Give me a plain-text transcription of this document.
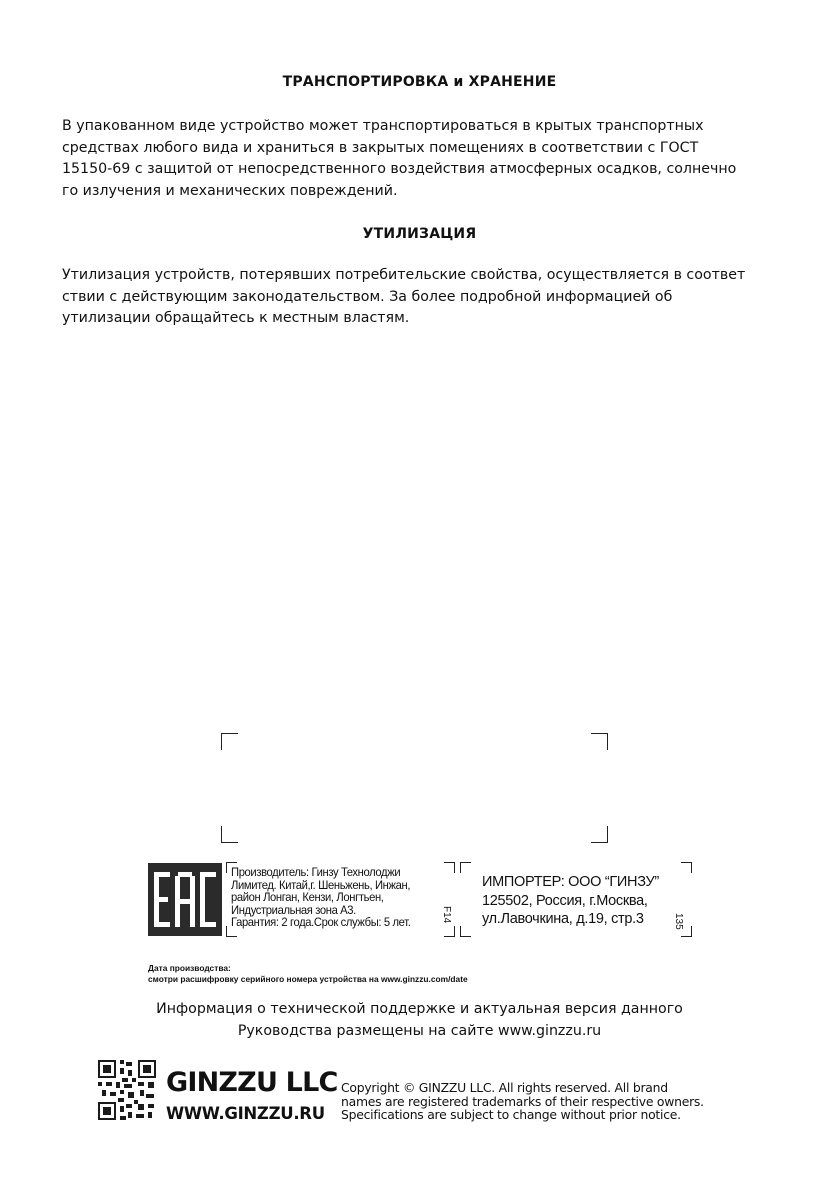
ТРАНСПОРТИРОВКА и ХРАНЕНИЕ
В упакованном виде устройство может транспортироваться в крытых транспортных
средствах любого вида и храниться в закрытых помещениях в соответствии с ГОСТ
15150-69 с защитой от непосредственного воздействия атмосферных осадков, солнечно
го излучения и механических повреждений.
УТИЛИЗАЦИЯ
Утилизация устройств, потерявших потребительские свойства, осуществляется в соответ
ствии с действующим законодательством. За более подробной информацией об
утилизации обращайтесь к местным властям.
Производитель: Гинзу Технолоджи
Лимитед. Китай,г. Шеньжень, Инжан,
район Лонган, Кензи, Лонгтьен,
Индустриальная зона А3.
Гарантия: 2 года.Срок службы: 5 лет.	F14
ИМПОРТЕР: ООО “ГИНЗУ”
125502, Россия, г.Москва,
ул.Лавочкина, д.19, стр.3	135
Дата производства:
смотри расшифровку серийного номера устройства на www.ginzzu.com/date
Информация о технической поддержке и актуальная версия данного
Руководства размещены на сайте www.ginzzu.ru
GINZZU LLC
WWW.GINZZU.RU
Copyright © GINZZU LLC. All rights reserved. All brand
names are registered trademarks of their respective owners.
Specifications are subject to change without prior notice.
